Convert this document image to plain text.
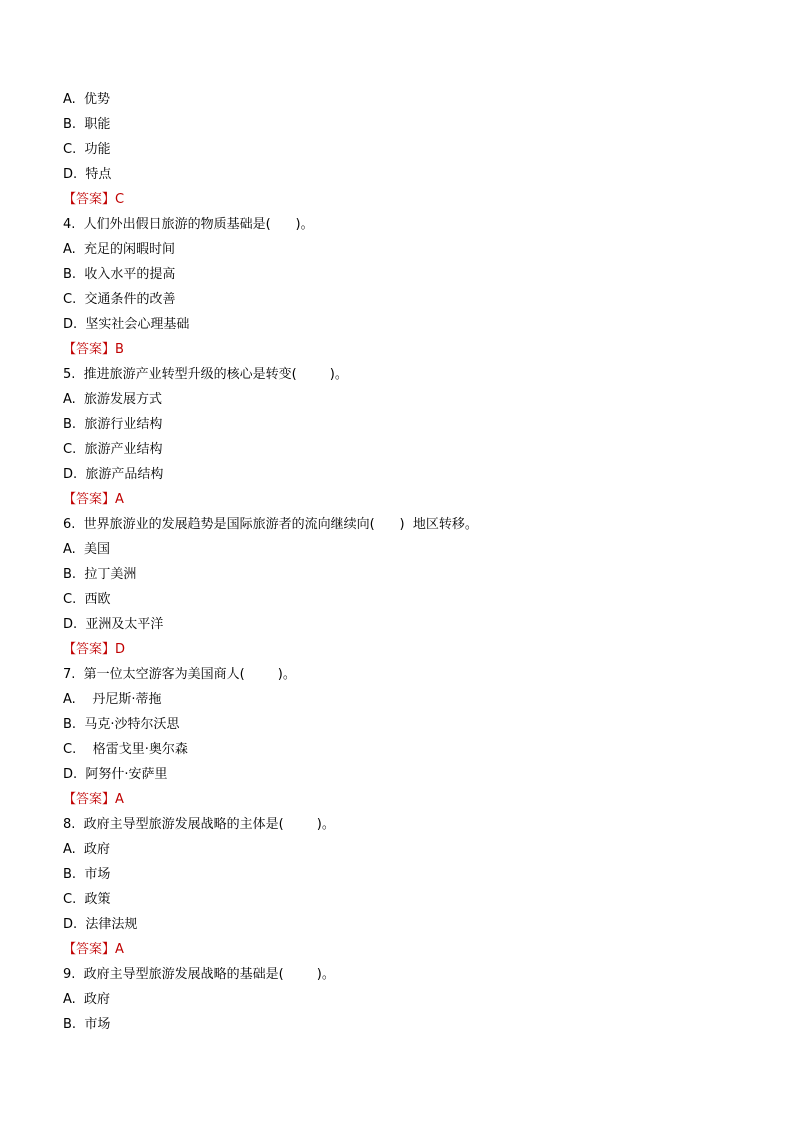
A.  优势
B.  职能
C.  功能
D.  特点
【答案】C
4.  人们外出假日旅游的物质基础是(      )。
A.  充足的闲暇时间
B.  收入水平的提高
C.  交通条件的改善
D.  坚实社会心理基础
【答案】B
5.  推进旅游产业转型升级的核心是转变(        )。
A.  旅游发展方式
B.  旅游行业结构
C.  旅游产业结构
D.  旅游产品结构
【答案】A
6.  世界旅游业的发展趋势是国际旅游者的流向继续向(      )  地区转移。
A.  美国
B.  拉丁美洲
C.  西欧
D.  亚洲及太平洋
【答案】D
7.  第一位太空游客为美国商人(        )。
A.    丹尼斯·蒂拖
B.  马克·沙特尔沃思
C.    格雷戈里·奥尔森
D.  阿努什·安萨里
【答案】A
8.  政府主导型旅游发展战略的主体是(        )。
A.  政府
B.  市场
C.  政策
D.  法律法规
【答案】A
9.  政府主导型旅游发展战略的基础是(        )。
A.  政府
B.  市场
